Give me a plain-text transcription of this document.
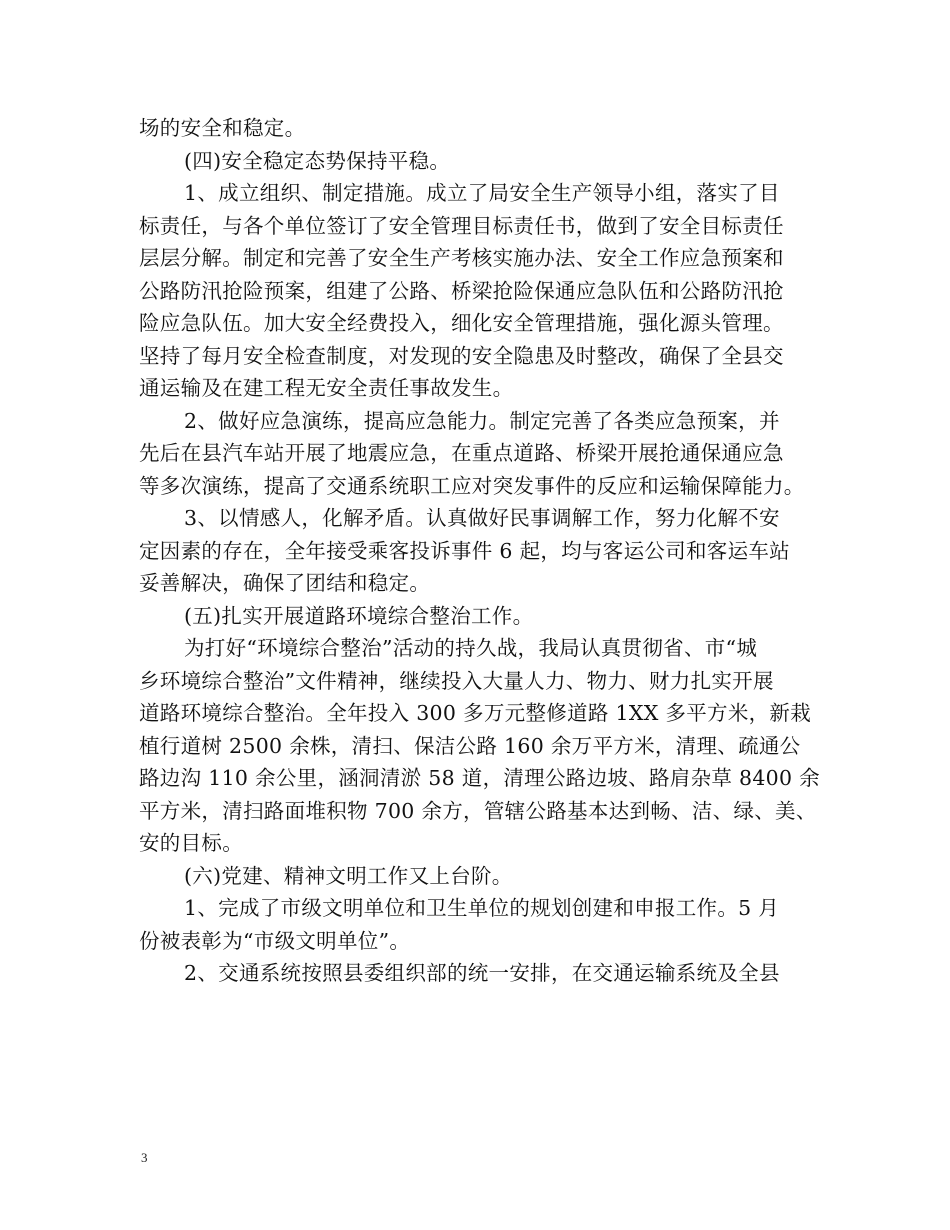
场的安全和稳定。
(四)安全稳定态势保持平稳。
1、成立组织、制定措施。成立了局安全生产领导小组，落实了目
标责任，与各个单位签订了安全管理目标责任书，做到了安全目标责任
层层分解。制定和完善了安全生产考核实施办法、安全工作应急预案和
公路防汛抢险预案，组建了公路、桥梁抢险保通应急队伍和公路防汛抢
险应急队伍。加大安全经费投入，细化安全管理措施，强化源头管理。
坚持了每月安全检查制度，对发现的安全隐患及时整改，确保了全县交
通运输及在建工程无安全责任事故发生。
2、做好应急演练，提高应急能力。制定完善了各类应急预案，并
先后在县汽车站开展了地震应急，在重点道路、桥梁开展抢通保通应急
等多次演练，提高了交通系统职工应对突发事件的反应和运输保障能力。
3、以情感人，化解矛盾。认真做好民事调解工作，努力化解不安
定因素的存在，全年接受乘客投诉事件 6 起，均与客运公司和客运车站
妥善解决，确保了团结和稳定。
(五)扎实开展道路环境综合整治工作。
为打好“环境综合整治”活动的持久战，我局认真贯彻省、市“城
乡环境综合整治”文件精神，继续投入大量人力、物力、财力扎实开展
道路环境综合整治。全年投入 300 多万元整修道路 1XX 多平方米，新栽
植行道树 2500 余株，清扫、保洁公路 160 余万平方米，清理、疏通公
路边沟 110 余公里，涵洞清淤 58 道，清理公路边坡、路肩杂草 8400 余
平方米，清扫路面堆积物 700 余方，管辖公路基本达到畅、洁、绿、美、
安的目标。
(六)党建、精神文明工作又上台阶。
1、完成了市级文明单位和卫生单位的规划创建和申报工作。5 月
份被表彰为“市级文明单位”。
2、交通系统按照县委组织部的统一安排，在交通运输系统及全县
3
